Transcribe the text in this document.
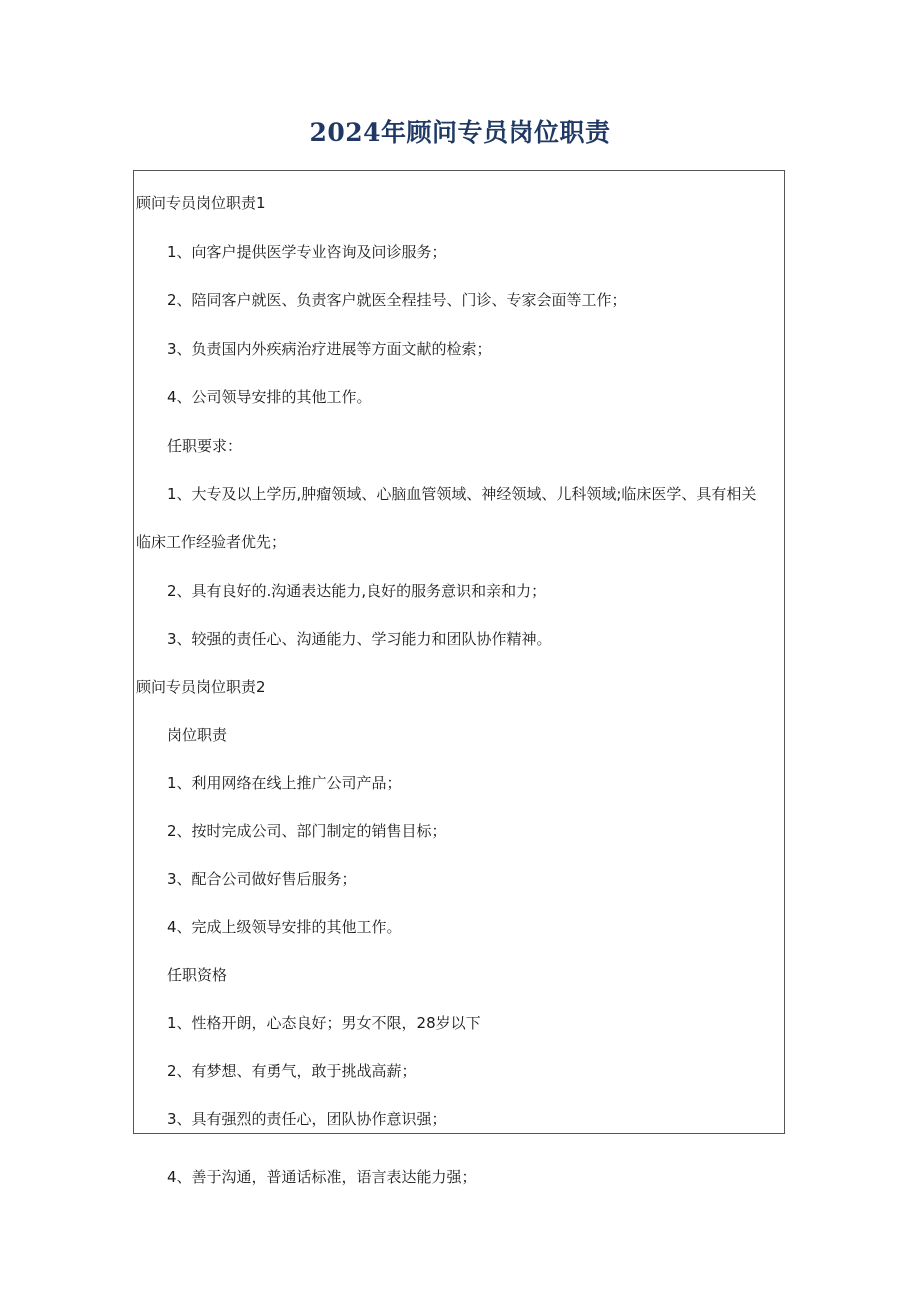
2024年顾问专员岗位职责
顾问专员岗位职责1
1、向客户提供医学专业咨询及问诊服务；
2、陪同客户就医、负责客户就医全程挂号、门诊、专家会面等工作；
3、负责国内外疾病治疗进展等方面文献的检索；
4、公司领导安排的其他工作。
任职要求：
1、大专及以上学历,肿瘤领域、心脑血管领域、神经领域、儿科领域;临床医学、具有相关
临床工作经验者优先；
2、具有良好的.沟通表达能力,良好的服务意识和亲和力；
3、较强的责任心、沟通能力、学习能力和团队协作精神。
顾问专员岗位职责2
岗位职责
1、利用网络在线上推广公司产品；
2、按时完成公司、部门制定的销售目标；
3、配合公司做好售后服务；
4、完成上级领导安排的其他工作。
任职资格
1、性格开朗，心态良好；男女不限，28岁以下
2、有梦想、有勇气，敢于挑战高薪；
3、具有强烈的责任心，团队协作意识强；
4、善于沟通，普通话标准，语言表达能力强；
